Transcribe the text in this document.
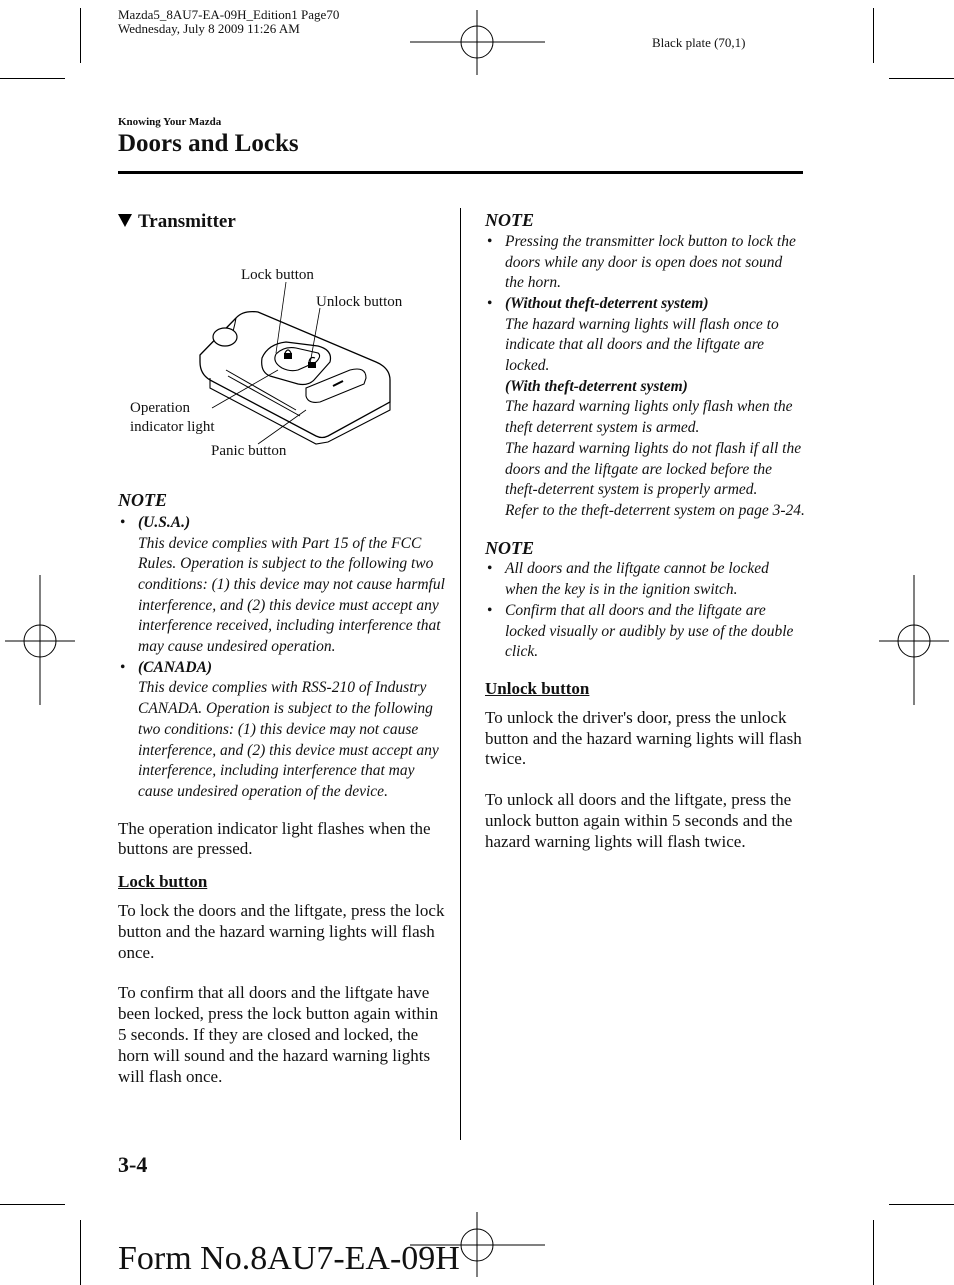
Mazda5_8AU7-EA-09H_Edition1 Page70
Wednesday, July 8 2009 11:26 AM
Black plate (70,1)
Knowing Your Mazda
Doors and Locks
Transmitter
Lock button
Unlock button
Operation
indicator light
Panic button
NOTE
• (U.S.A.)
This device complies with Part 15 of the FCC Rules. Operation is subject to the following two conditions: (1) this device may not cause harmful interference, and (2) this device must accept any interference received, including interference that may cause undesired operation.
• (CANADA)
This device complies with RSS-210 of Industry CANADA. Operation is subject to the following two conditions: (1) this device may not cause interference, and (2) this device must accept any interference, including interference that may cause undesired operation of the device.

The operation indicator light flashes when the buttons are pressed.

Lock button

To lock the doors and the liftgate, press the lock button and the hazard warning lights will flash once.

To confirm that all doors and the liftgate have been locked, press the lock button again within 5 seconds. If they are closed and locked, the horn will sound and the hazard warning lights will flash once.

NOTE
• Pressing the transmitter lock button to lock the doors while any door is open does not sound the horn.
• (Without theft-deterrent system)
The hazard warning lights will flash once to indicate that all doors and the liftgate are locked.
(With theft-deterrent system)
The hazard warning lights only flash when the theft deterrent system is armed.
The hazard warning lights do not flash if all the doors and the liftgate are locked before the theft-deterrent system is properly armed.
Refer to the theft-deterrent system on page 3-24.
NOTE
• All doors and the liftgate cannot be locked when the key is in the ignition switch.
• Confirm that all doors and the liftgate are locked visually or audibly by use of the double click.
Unlock button

To unlock the driver's door, press the unlock button and the hazard warning lights will flash twice.

To unlock all doors and the liftgate, press the unlock button again within 5 seconds and the hazard warning lights will flash twice.

3-4
Form No.8AU7-EA-09H
